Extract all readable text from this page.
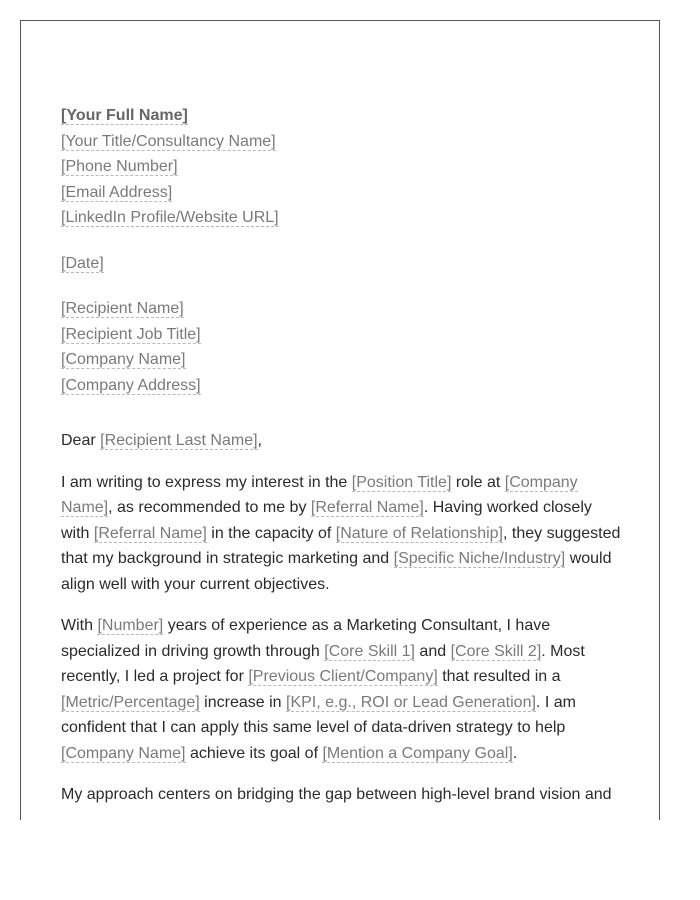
[Your Full Name]
[Your Title/Consultancy Name]
[Phone Number]
[Email Address]
[LinkedIn Profile/Website URL]
[Date]
[Recipient Name]
[Recipient Job Title]
[Company Name]
[Company Address]
Dear [Recipient Last Name],
I am writing to express my interest in the [Position Title] role at [Company
Name], as recommended to me by [Referral Name]. Having worked closely
with [Referral Name] in the capacity of [Nature of Relationship], they suggested
that my background in strategic marketing and [Specific Niche/Industry] would
align well with your current objectives.
With [Number] years of experience as a Marketing Consultant, I have
specialized in driving growth through [Core Skill 1] and [Core Skill 2]. Most
recently, I led a project for [Previous Client/Company] that resulted in a
[Metric/Percentage] increase in [KPI, e.g., ROI or Lead Generation]. I am
confident that I can apply this same level of data-driven strategy to help
[Company Name] achieve its goal of [Mention a Company Goal].
My approach centers on bridging the gap between high-level brand vision and
